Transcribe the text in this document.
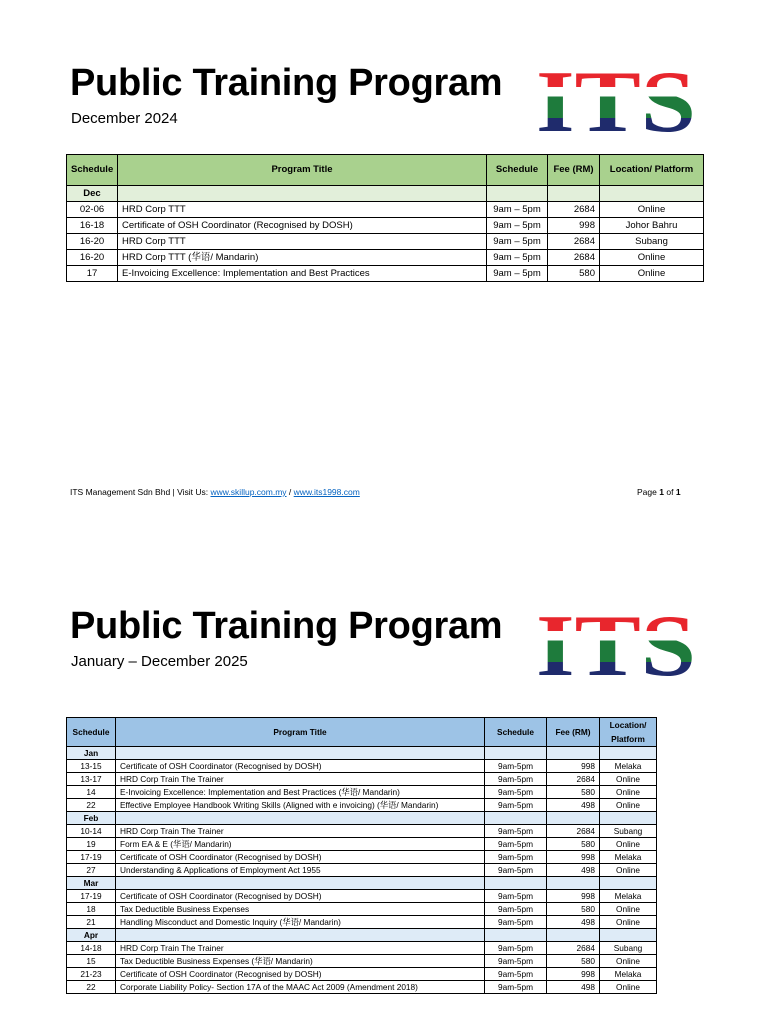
Public Training Program
December 2024	ITS
Schedule	Program Title	Schedule	Fee (RM)	Location/ Platform
Dec				
02-06	HRD Corp TTT	9am – 5pm	2684	Online
16-18	Certificate of OSH Coordinator (Recognised by DOSH)	9am – 5pm	998	Johor Bahru
16-20	HRD Corp TTT	9am – 5pm	2684	Subang
16-20	HRD Corp TTT (华语/ Mandarin)	9am – 5pm	2684	Online
17	E-Invoicing Excellence: Implementation and Best Practices	9am – 5pm	580	Online
ITS Management Sdn Bhd | Visit Us: www.skillup.com.my / www.its1998.com	Page 1 of 1
Public Training Program
January – December 2025	ITS
Schedule	Program Title	Schedule	Fee (RM)	Location/ Platform
Jan				
13-15	Certificate of OSH Coordinator (Recognised by DOSH)	9am-5pm	998	Melaka
13-17	HRD Corp Train The Trainer	9am-5pm	2684	Online
14	E-Invoicing Excellence: Implementation and Best Practices (华语/ Mandarin)	9am-5pm	580	Online
22	Effective Employee Handbook Writing Skills (Aligned with e invoicing) (华语/ Mandarin)	9am-5pm	498	Online
Feb				
10-14	HRD Corp Train The Trainer	9am-5pm	2684	Subang
19	Form EA & E (华语/ Mandarin)	9am-5pm	580	Online
17-19	Certificate of OSH Coordinator (Recognised by DOSH)	9am-5pm	998	Melaka
27	Understanding & Applications of Employment Act 1955	9am-5pm	498	Online
Mar				
17-19	Certificate of OSH Coordinator (Recognised by DOSH)	9am-5pm	998	Melaka
18	Tax Deductible Business Expenses	9am-5pm	580	Online
21	Handling Misconduct and Domestic Inquiry (华语/ Mandarin)	9am-5pm	498	Online
Apr				
14-18	HRD Corp Train The Trainer	9am-5pm	2684	Subang
15	Tax Deductible Business Expenses (华语/ Mandarin)	9am-5pm	580	Online
21-23	Certificate of OSH Coordinator (Recognised by DOSH)	9am-5pm	998	Melaka
22	Corporate Liability Policy- Section 17A of the MAAC Act 2009 (Amendment 2018)	9am-5pm	498	Online
